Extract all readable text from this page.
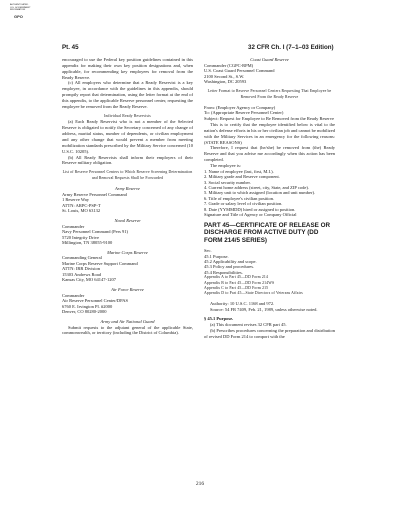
AUTHENTICATED
U.S. GOVERNMENT
INFORMATION
GPO
Pt. 45	32 CFR Ch. I (7–1–03 Edition)

encouraged to use the Federal key position guidelines contained in this appendix for making their own key position designations and, when applicable, for recommending key employees for removal from the Ready Reserve.

(c) All employers who determine that a Ready Reservist is a key employee, in accordance with the guidelines in this appendix, should promptly report that determination, using the letter format at the end of this appendix, to the applicable Reserve personnel center, requesting the employee be removed from the Ready Reserve.

Individual Ready Reservists

(a) Each Ready Reservist who is not a member of the Selected Reserve is obligated to notify the Secretary concerned of any change of address, marital status, number of dependents, or civilian employment and any other change that would prevent a member from meeting mobilization standards prescribed by the Military Service concerned (10 U.S.C. 10205).

(b) All Ready Reservists shall inform their employers of their Reserve military obligation.

List of Reserve Personnel Centers to Which Reserve Screening Determination and Removal Requests Shall be Forwarded

Army Reserve

Army Reserve Personnel Command
1 Reserve Way
ATTN: ARPC-PSP-T
St. Louis, MO 63132

Naval Reserve

Commander
Navy Personnel Command (Pers 91)
5720 Integrity Drive
Millington, TN 38055-9100

Marine Corps Reserve

Commanding General
Marine Corps Reserve Support Command
ATTN: IRR Division
15303 Andrews Road
Kansas City, MO 64147-1207

Air Force Reserve

Commander
Air Reserve Personnel Center/DPAS
6760 E. Irvington Pl. #2000
Denver, CO 80280-2000

Army and Air National Guard

Submit requests to the adjutant general of the applicable State, commonwealth, or territory (including the District of Columbia).

Coast Guard Reserve

Commander (CGPC-RPM)
U.S. Coast Guard Personnel Command
2100 Second St., S.W.
Washington, DC 20593

Letter Format to Reserve Personnel Centers Requesting That Employee be Removed From the Ready Reserve

From: (Employer Agency or Company)

To: (Appropriate Reserve Personnel Center)

Subject: Request for Employee to Be Removed from the Ready Reserve

This is to certify that the employee identified below is vital to the nation's defense efforts in his or her civilian job and cannot be mobilized with the Military Services in an emergency for the following reasons: (STATE REASONS)

Therefore, I request that (he/she) be removed from (the) Ready Reserve and that you advise me accordingly when this action has been completed.

The employee is:

1. Name of employee (last, first, M.I.).
2. Military grade and Reserve component.
3. Social security number.
4. Current home address (street, city, State, and ZIP code).
5. Military unit to which assigned (location and unit number).
6. Title of employee's civilian position.
7. Grade or salary level of civilian position.
8. Date (YYMMDD) hired or assigned to position.

Signature and Title of Agency or Company Official

PART 45—CERTIFICATE OF RELEASE OR DISCHARGE FROM ACTIVE DUTY (DD FORM 214/5 SERIES)

Sec.
45.1 Purpose.
45.2 Applicability and scope.
45.3 Policy and procedures.
45.4 Responsibilities.
Appendix A to Part 45—DD Form 214
Appendix B to Part 45—DD Form 214WS
Appendix C to Part 45—DD Form 215
Appendix D to Part 45—State Directors of Veterans Affairs

Authority: 10 U.S.C. 1168 and 972.

Source: 54 FR 7409, Feb. 21, 1989, unless otherwise noted.

§ 45.1 Purpose.

(a) This document revises 32 CFR part 45.

(b) Prescribes procedures concerning the preparation and distribution of revised DD Form 214 to comport with the

216
